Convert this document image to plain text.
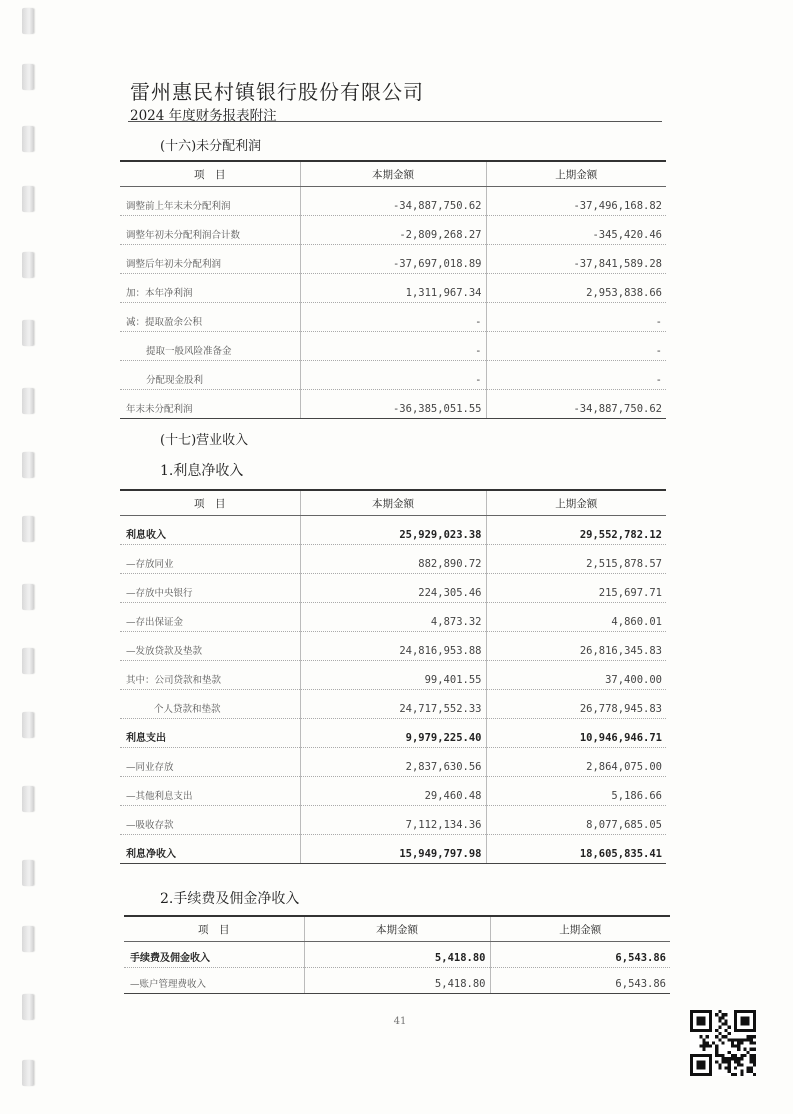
雷州惠民村镇银行股份有限公司
2024 年度财务报表附注
(十六)未分配利润
项　目	本期金额	上期金额
调整前上年末未分配利润	-34,887,750.62	-37,496,168.82
调整年初未分配利润合计数	-2,809,268.27	-345,420.46
调整后年初未分配利润	-37,697,018.89	-37,841,589.28
加：本年净利润	1,311,967.34	2,953,838.66
减：提取盈余公积	-	-
提取一般风险准备金	-	-
分配现金股利	-	-
年末未分配利润	-36,385,051.55	-34,887,750.62
(十七)营业收入
1.利息净收入
项　目	本期金额	上期金额
利息收入	25,929,023.38	29,552,782.12
—存放同业	882,890.72	2,515,878.57
—存放中央银行	224,305.46	215,697.71
—存出保证金	4,873.32	4,860.01
—发放贷款及垫款	24,816,953.88	26,816,345.83
其中：公司贷款和垫款	99,401.55	37,400.00
个人贷款和垫款	24,717,552.33	26,778,945.83
利息支出	9,979,225.40	10,946,946.71
—同业存放	2,837,630.56	2,864,075.00
—其他利息支出	29,460.48	5,186.66
—吸收存款	7,112,134.36	8,077,685.05
利息净收入	15,949,797.98	18,605,835.41
2.手续费及佣金净收入
项　目	本期金额	上期金额
手续费及佣金收入	5,418.80	6,543.86
—账户管理费收入	5,418.80	6,543.86
41
